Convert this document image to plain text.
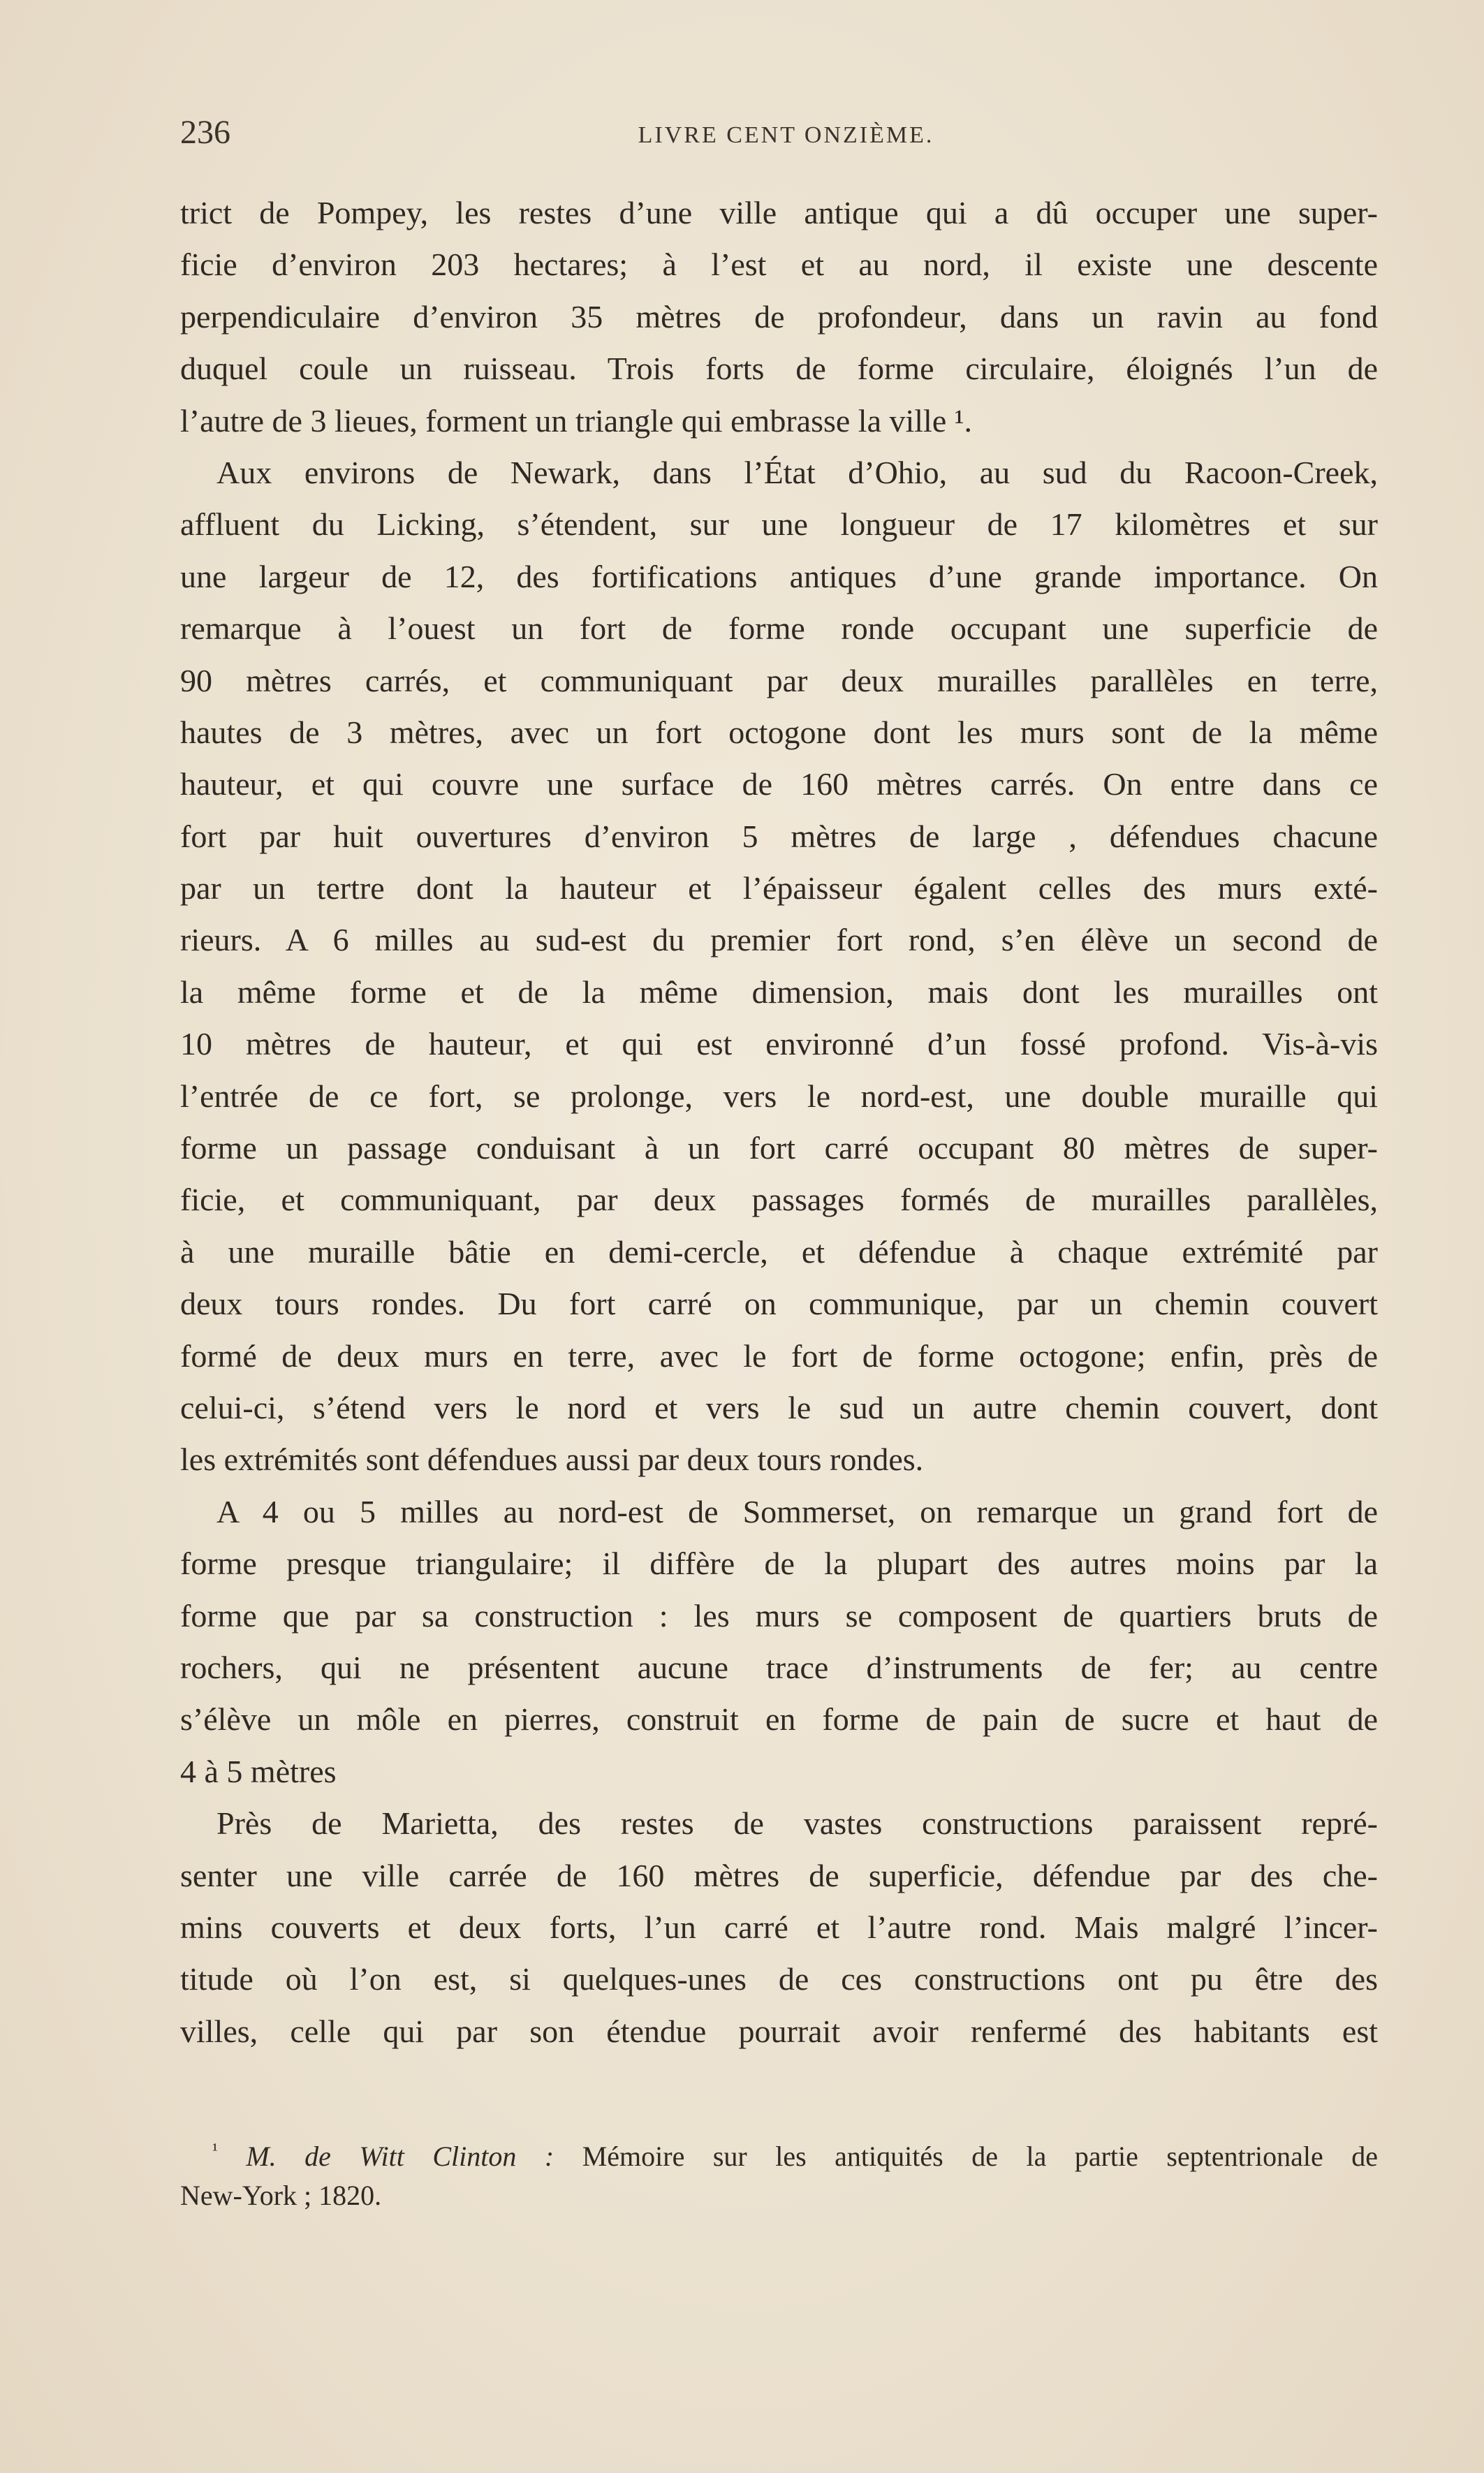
236	LIVRE CENT ONZIÈME.
trict de Pompey, les restes d’une ville antique qui a dû occuper une super-
ficie d’environ 203 hectares; à l’est et au nord, il existe une descente
perpendiculaire d’environ 35 mètres de profondeur, dans un ravin au fond
duquel coule un ruisseau. Trois forts de forme circulaire, éloignés l’un de
l’autre de 3 lieues, forment un triangle qui embrasse la ville ¹.
Aux environs de Newark, dans l’État d’Ohio, au sud du Racoon-Creek,
affluent du Licking, s’étendent, sur une longueur de 17 kilomètres et sur
une largeur de 12, des fortifications antiques d’une grande importance. On
remarque à l’ouest un fort de forme ronde occupant une superficie de
90 mètres carrés, et communiquant par deux murailles parallèles en terre,
hautes de 3 mètres, avec un fort octogone dont les murs sont de la même
hauteur, et qui couvre une surface de 160 mètres carrés. On entre dans ce
fort par huit ouvertures d’environ 5 mètres de large , défendues chacune
par un tertre dont la hauteur et l’épaisseur égalent celles des murs exté-
rieurs. A 6 milles au sud-est du premier fort rond, s’en élève un second de
la même forme et de la même dimension, mais dont les murailles ont
10 mètres de hauteur, et qui est environné d’un fossé profond. Vis-à-vis
l’entrée de ce fort, se prolonge, vers le nord-est, une double muraille qui
forme un passage conduisant à un fort carré occupant 80 mètres de super-
ficie, et communiquant, par deux passages formés de murailles parallèles,
à une muraille bâtie en demi-cercle, et défendue à chaque extrémité par
deux tours rondes. Du fort carré on communique, par un chemin couvert
formé de deux murs en terre, avec le fort de forme octogone; enfin, près de
celui-ci, s’étend vers le nord et vers le sud un autre chemin couvert, dont
les extrémités sont défendues aussi par deux tours rondes.
A 4 ou 5 milles au nord-est de Sommerset, on remarque un grand fort de
forme presque triangulaire; il diffère de la plupart des autres moins par la
forme que par sa construction : les murs se composent de quartiers bruts de
rochers, qui ne présentent aucune trace d’instruments de fer; au centre
s’élève un môle en pierres, construit en forme de pain de sucre et haut de
4 à 5 mètres
Près de Marietta, des restes de vastes constructions paraissent repré-
senter une ville carrée de 160 mètres de superficie, défendue par des che-
mins couverts et deux forts, l’un carré et l’autre rond. Mais malgré l’incer-
titude où l’on est, si quelques-unes de ces constructions ont pu être des
villes, celle qui par son étendue pourrait avoir renfermé des habitants est
$^{^1}$ M. de Witt Clinton : Mémoire sur les antiquités de la partie septentrionale de
New-York ; 1820.
